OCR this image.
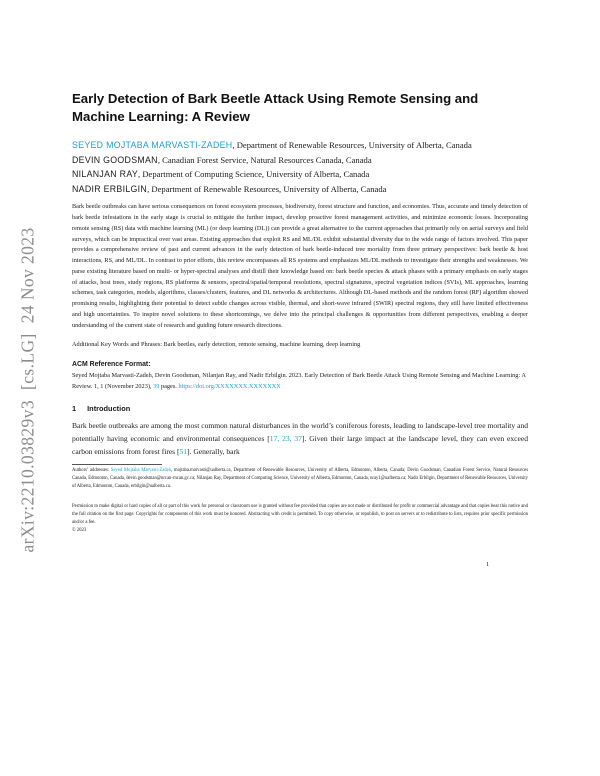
arXiv:2210.03829v3[cs.LG]24 Nov 2023
Early Detection of Bark Beetle Attack Using Remote Sensing and Machine Learning: A Review

SEYED MOJTABA MARVASTI-ZADEH, Department of Renewable Resources, University of Alberta, Canada

DEVIN GOODSMAN, Canadian Forest Service, Natural Resources Canada, Canada

NILANJAN RAY, Department of Computing Science, University of Alberta, Canada

NADIR ERBILGIN, Department of Renewable Resources, University of Alberta, Canada

Bark beetle outbreaks can have serious consequences on forest ecosystem processes, biodiversity, forest structure and function, and economies. Thus, accurate and timely detection of bark beetle infestations in the early stage is crucial to mitigate the further impact, develop proactive forest management activities, and minimize economic losses. Incorporating remote sensing (RS) data with machine learning (ML) (or deep learning (DL)) can provide a great alternative to the current approaches that primarily rely on aerial surveys and field surveys, which can be impractical over vast areas. Existing approaches that exploit RS and ML/DL exhibit substantial diversity due to the wide range of factors involved. This paper provides a comprehensive review of past and current advances in the early detection of bark beetle-induced tree mortality from three primary perspectives: bark beetle & host interactions, RS, and ML/DL. In contrast to prior efforts, this review encompasses all RS systems and emphasizes ML/DL methods to investigate their strengths and weaknesses. We parse existing literature based on multi- or hyper-spectral analyses and distill their knowledge based on: bark beetle species & attack phases with a primary emphasis on early stages of attacks, host trees, study regions, RS platforms & sensors, spectral/spatial/temporal resolutions, spectral signatures, spectral vegetation indices (SVIs), ML approaches, learning schemes, task categories, models, algorithms, classes/clusters, features, and DL networks & architectures. Although DL-based methods and the random forest (RF) algorithm showed promising results, highlighting their potential to detect subtle changes across visible, thermal, and short-wave infrared (SWIR) spectral regions, they still have limited effectiveness and high uncertainties. To inspire novel solutions to these shortcomings, we delve into the principal challenges & opportunities from different perspectives, enabling a deeper understanding of the current state of research and guiding future research directions.

Additional Key Words and Phrases: Bark beetles, early detection, remote sensing, machine learning, deep learning

ACM Reference Format:

Seyed Mojtaba Marvasti-Zadeh, Devin Goodsman, Nilanjan Ray, and Nadir Erbilgin. 2023. Early Detection of Bark Beetle Attack Using Remote Sensing and Machine Learning: A Review. 1, 1 (November 2023), 39 pages. https://doi.org/XXXXXXX.XXXXXXX

1 Introduction

Bark beetle outbreaks are among the most common natural disturbances in the world’s coniferous forests, leading to landscape-level tree mortality and potentially having economic and environmental consequences [17, 23, 37]. Given their large impact at the landscape level, they can even exceed carbon emissions from forest fires [51]. Generally, bark

Authors’ addresses: Seyed Mojtaba Marvasti-Zadeh, mojtaba.marvasti@ualberta.ca, Department of Renewable Resources, University of Alberta, Edmonton, Alberta, Canada; Devin Goodsman, Canadian Forest Service, Natural Resources Canada, Edmonton, Canada, devin.goodsman@nrcan-rncan.gc.ca; Nilanjan Ray, Department of Computing Science, University of Alberta, Edmonton, Canada, nray1@ualberta.ca; Nadir Erbilgin, Department of Renewable Resources, University of Alberta, Edmonton, Canada, erbilgin@ualberta.ca.

Permission to make digital or hard copies of all or part of this work for personal or classroom use is granted without fee provided that copies are not made or distributed for profit or commercial advantage and that copies bear this notice and the full citation on the first page. Copyrights for components of this work must be honored. Abstracting with credit is permitted. To copy otherwise, or republish, to post on servers or to redistribute to lists, requires prior specific permission and/or a fee.

© 2023

1
